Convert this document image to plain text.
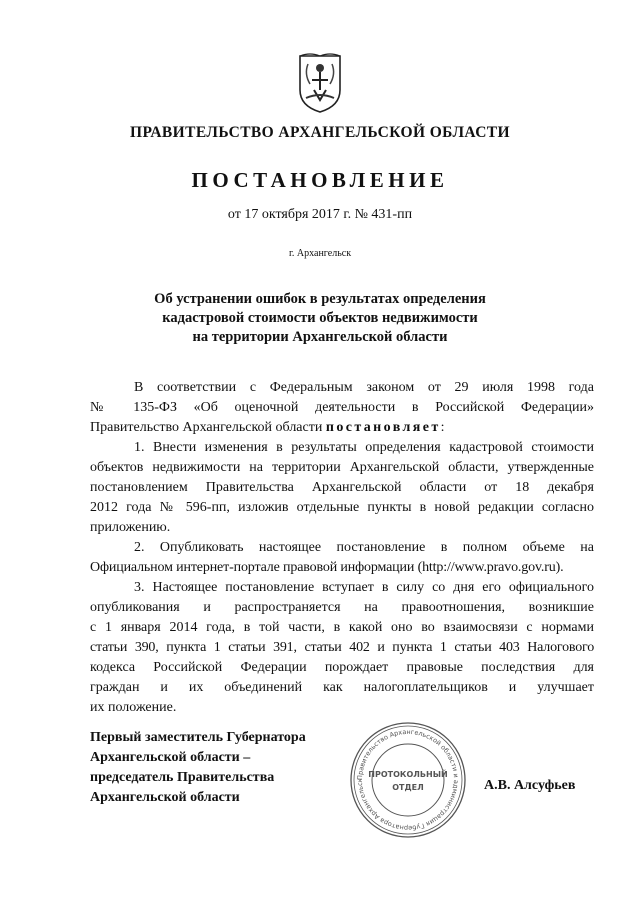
ПРАВИТЕЛЬСТВО АРХАНГЕЛЬСКОЙ ОБЛАСТИ
ПОСТАНОВЛЕНИЕ
от 17 октября 2017 г. № 431-пп
г. Архангельск
Об устранении ошибок в результатах определения
кадастровой стоимости объектов недвижимости
на территории Архангельской области
В соответствии с Федеральным законом от 29 июля 1998 года
№ 135-ФЗ «Об оценочной деятельности в Российской Федерации»
Правительство Архангельской области постановляет:
1. Внести изменения в результаты определения кадастровой стоимости
объектов недвижимости на территории Архангельской области, утвержденные
постановлением Правительства Архангельской области от 18 декабря
2012 года № 596-пп, изложив отдельные пункты в новой редакции согласно
приложению.
2. Опубликовать настоящее постановление в полном объеме на
Официальном интернет-портале правовой информации (http://www.pravo.gov.ru).
3. Настоящее постановление вступает в силу со дня его официального
опубликования и распространяется на правоотношения, возникшие
с 1 января 2014 года, в той части, в какой оно во взаимосвязи с нормами
статьи 390, пункта 1 статьи 391, статьи 402 и пункта 1 статьи 403 Налогового
кодекса Российской Федерации порождает правовые последствия для
граждан и их объединений как налогоплательщиков и улучшает
их положение.
Первый заместитель Губернатора
Архангельской области –
председатель Правительства
Архангельской области
Правительство Архангельской области и администрация Губернатора Архангельск
ПРОТОКОЛЬНЫЙ
ОТДЕЛ	А.В. Алсуфьев
